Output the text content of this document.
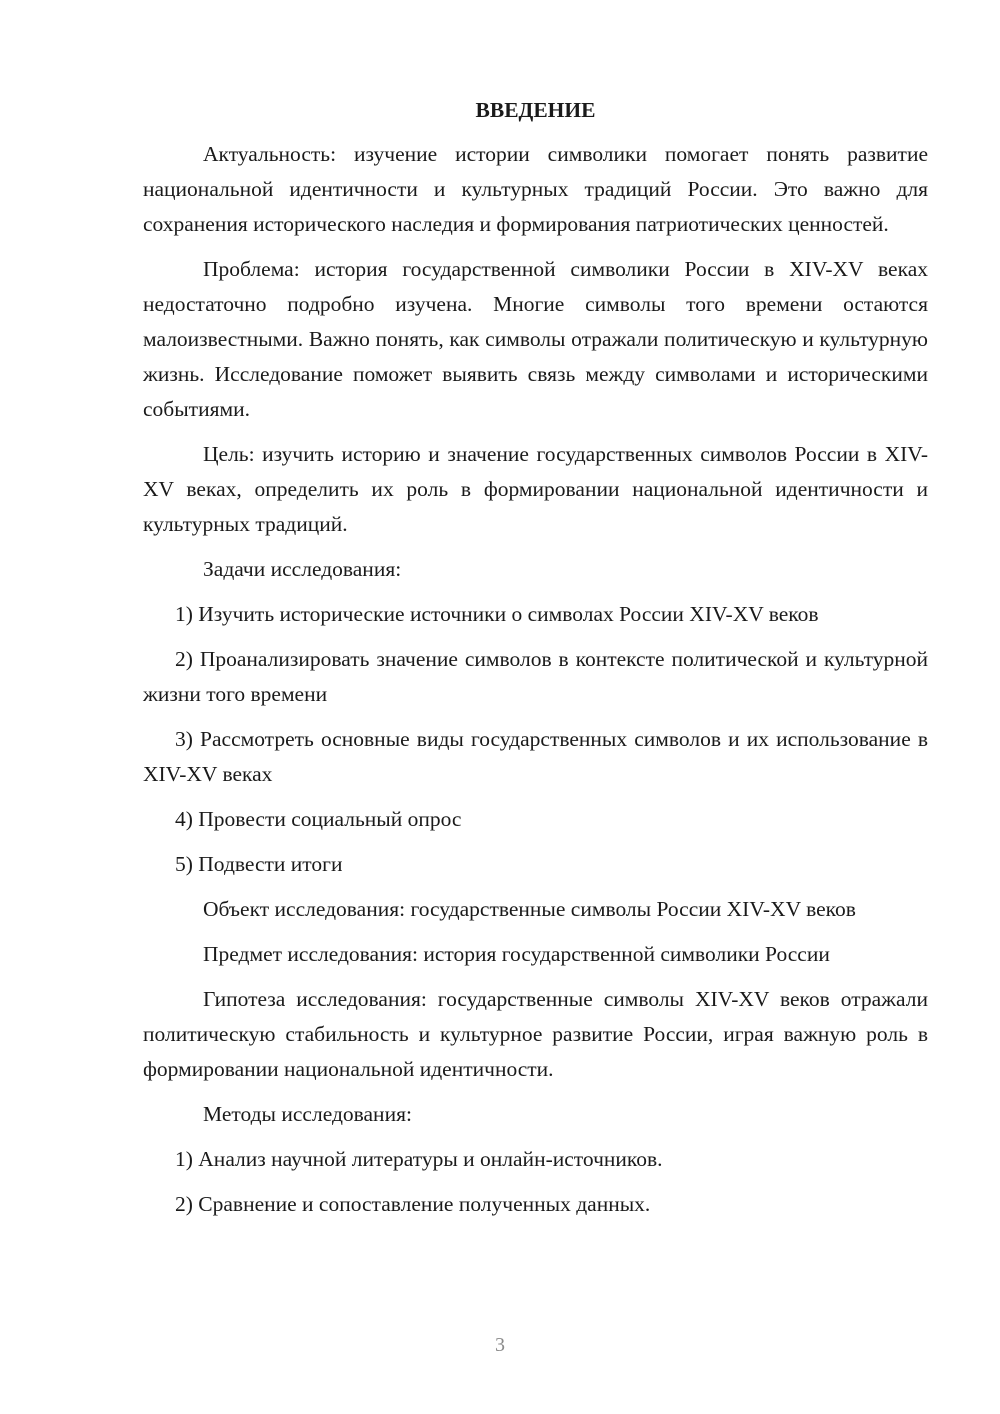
ВВЕДЕНИЕ

Актуальность: изучение истории символики помогает понять развитие национальной идентичности и культурных традиций России. Это важно для сохранения исторического наследия и формирования патриотических ценностей.

Проблема: история государственной символики России в XIV-XV веках недостаточно подробно изучена. Многие символы того времени остаются малоизвестными. Важно понять, как символы отражали политическую и культурную жизнь. Исследование поможет выявить связь между символами и историческими событиями.

Цель: изучить историю и значение государственных символов России в XIV-XV веках, определить их роль в формировании национальной идентичности и культурных традиций.

Задачи исследования:

1) Изучить исторические источники о символах России XIV-XV веков

2) Проанализировать значение символов в контексте политической и культурной жизни того времени

3) Рассмотреть основные виды государственных символов и их использование в XIV-XV веках

4) Провести социальный опрос

5) Подвести итоги

Объект исследования: государственные символы России XIV-XV веков

Предмет исследования: история государственной символики России

Гипотеза исследования: государственные символы XIV-XV веков отражали политическую стабильность и культурное развитие России, играя важную роль в формировании национальной идентичности.

Методы исследования:

1) Анализ научной литературы и онлайн-источников.

2) Сравнение и сопоставление полученных данных.

3
